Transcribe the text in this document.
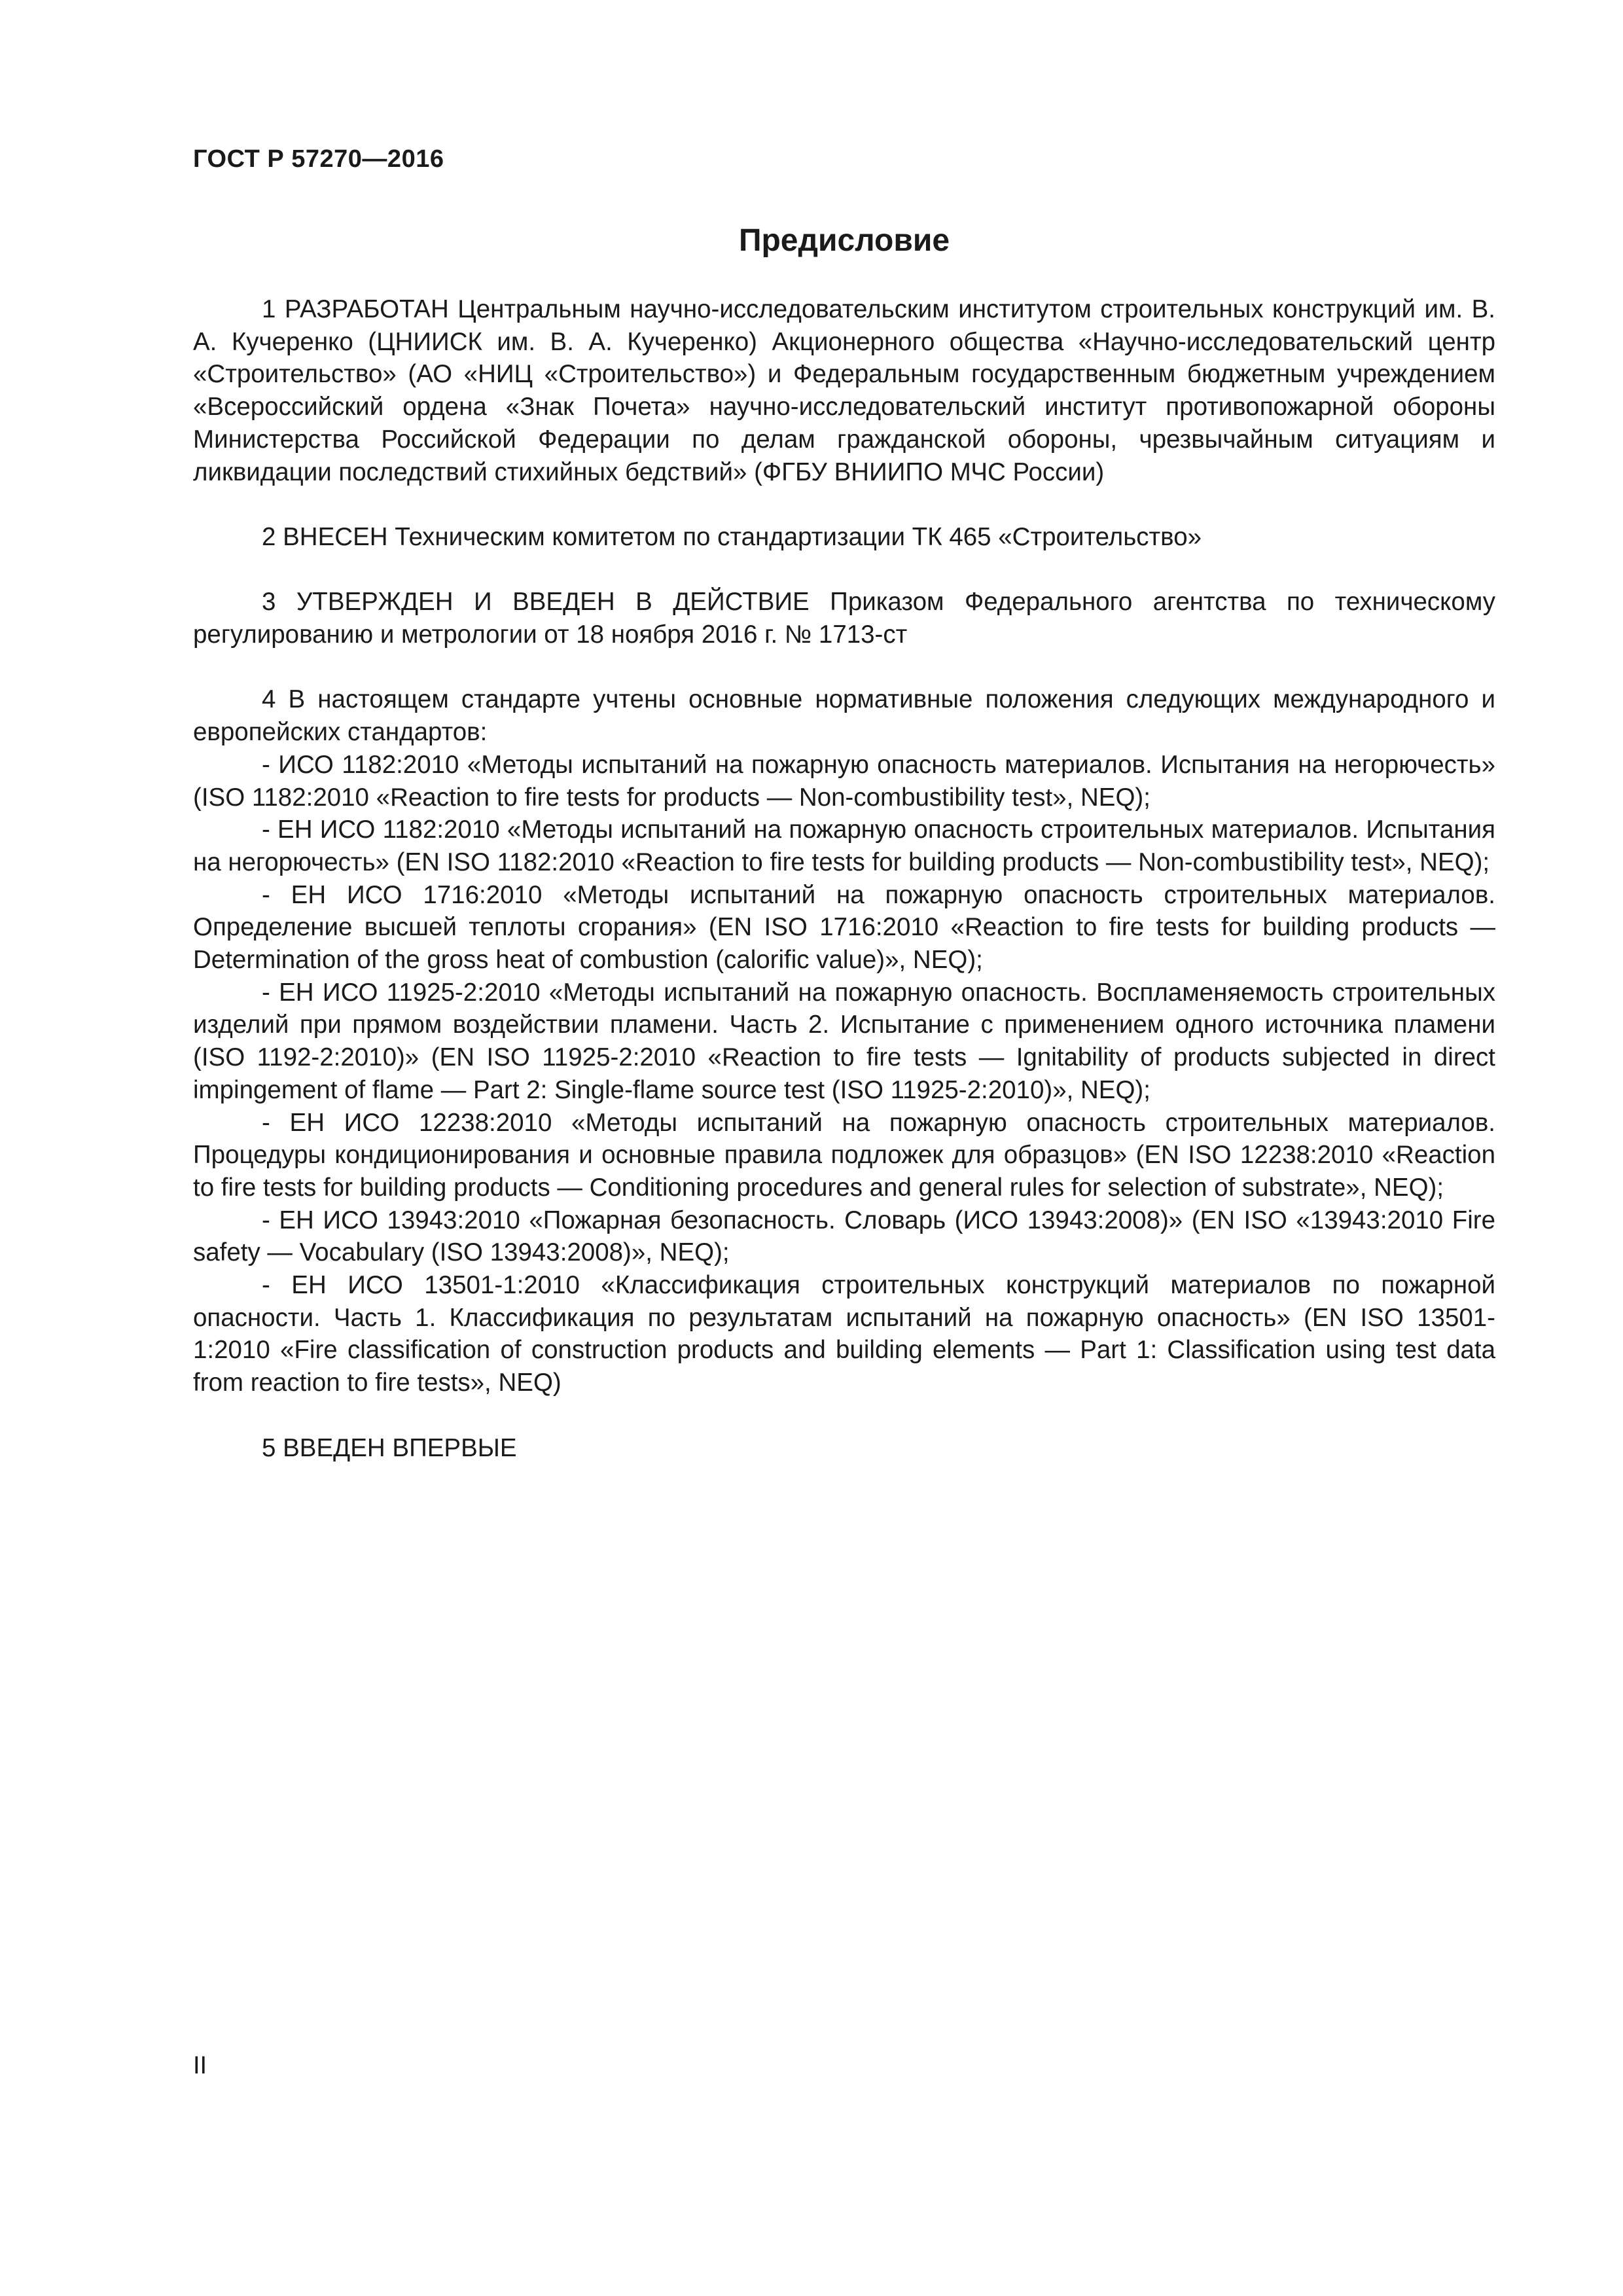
ГОСТ Р 57270—2016
Предисловие

1 РАЗРАБОТАН Центральным научно-исследовательским институтом строительных конструкций им. В. А. Кучеренко (ЦНИИСК им. В. А. Кучеренко) Акционерного общества «Научно-исследовательский центр «Строительство» (АО «НИЦ «Строительство») и Федеральным государственным бюджетным учреждением «Всероссийский ордена «Знак Почета» научно-исследовательский институт противопожарной обороны Министерства Российской Федерации по делам гражданской обороны, чрезвычайным ситуациям и ликвидации последствий стихийных бедствий» (ФГБУ ВНИИПО МЧС России)

2 ВНЕСЕН Техническим комитетом по стандартизации ТК 465 «Строительство»

3 УТВЕРЖДЕН И ВВЕДЕН В ДЕЙСТВИЕ Приказом Федерального агентства по техническому регулированию и метрологии от 18 ноября 2016 г. № 1713-ст

4 В настоящем стандарте учтены основные нормативные положения следующих международного и европейских стандартов:

- ИСО 1182:2010 «Методы испытаний на пожарную опасность материалов. Испытания на негорючесть» (ISO 1182:2010 «Reaction to fire tests for products — Non-combustibility test», NEQ);

- ЕН ИСО 1182:2010 «Методы испытаний на пожарную опасность строительных материалов. Испытания на негорючесть» (EN ISO 1182:2010 «Reaction to fire tests for building products — Non-combustibility test», NEQ);

- ЕН ИСО 1716:2010 «Методы испытаний на пожарную опасность строительных материалов. Определение высшей теплоты сгорания» (EN ISO 1716:2010 «Reaction to fire tests for building products — Determination of the gross heat of combustion (calorific value)», NEQ);

- ЕН ИСО 11925-2:2010 «Методы испытаний на пожарную опасность. Воспламеняемость строительных изделий при прямом воздействии пламени. Часть 2. Испытание с применением одного источника пламени (ISO 1192-2:2010)» (EN ISO 11925-2:2010 «Reaction to fire tests — Ignitability of products subjected in direct impingement of flame — Part 2: Single-flame source test (ISO 11925-2:2010)», NEQ);

- ЕН ИСО 12238:2010 «Методы испытаний на пожарную опасность строительных материалов. Процедуры кондиционирования и основные правила подложек для образцов» (EN ISO 12238:2010 «Reaction to fire tests for building products — Conditioning procedures and general rules for selection of substrate», NEQ);

- ЕН ИСО 13943:2010 «Пожарная безопасность. Словарь (ИСО 13943:2008)» (EN ISO «13943:2010 Fire safety — Vocabulary (ISO 13943:2008)», NEQ);

- ЕН ИСО 13501-1:2010 «Классификация строительных конструкций материалов по пожарной опасности. Часть 1. Классификация по результатам испытаний на пожарную опасность» (EN ISO 13501-1:2010 «Fire classification of construction products and building elements — Part 1: Classification using test data from reaction to fire tests», NEQ)

5 ВВЕДЕН ВПЕРВЫЕ

II
